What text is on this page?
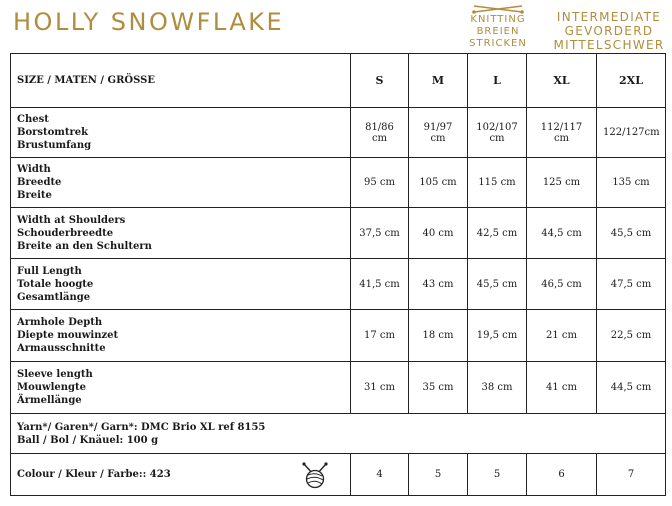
HOLLY SNOWFLAKE	KNITTING
BREIEN
STRICKEN
INTERMEDIATE
GEVORDERD
MITTELSCHWER
SIZE / MATEN / GRÖSSE	S	M	L	XL	2XL

Chest
Borstomtrek
Brustumfang	81/86 cm	91/97 cm	102/107 cm	112/117 cm	122/127cm

Width
Breedte
Breite	95 cm	105 cm	115 cm	125 cm	135 cm

Width at Shoulders
Schouderbreedte
Breite an den Schultern	37,5 cm	40 cm	42,5 cm	44,5 cm	45,5 cm

Full Length
Totale hoogte
Gesamtlänge	41,5 cm	43 cm	45,5 cm	46,5 cm	47,5 cm

Armhole Depth
Diepte mouwinzet
Armausschnitte	17 cm	18 cm	19,5 cm	21 cm	22,5 cm

Sleeve length
Mouwlengte
Ärmellänge	31 cm	35 cm	38 cm	41 cm	44,5 cm

Yarn*/ Garen*/ Garn*: DMC Brio XL ref 8155
Ball / Bol / Knäuel: 100 g					

Colour / Kleur / Farbe:: 423	4	5	5	6	7
